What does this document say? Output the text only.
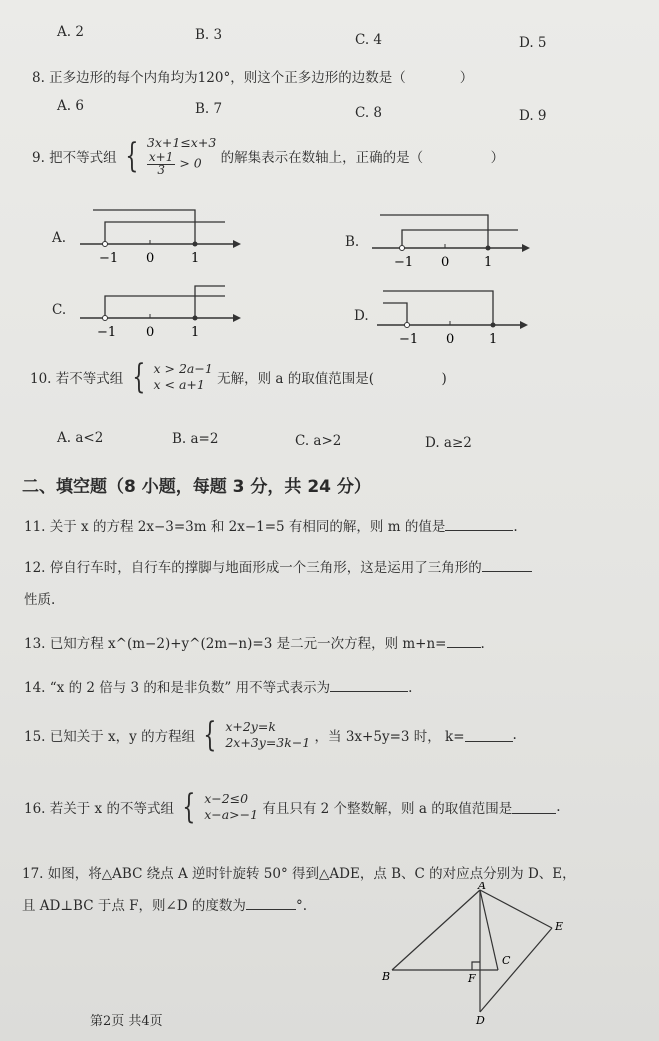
A. 2	B. 3	C. 4	D. 5
8. 正多边形的每个内角均为120°，则这个正多边形的边数是（　　　　）
A. 6	B. 7	C. 8	D. 9
9. 把不等式组 { 3x+1≤x+3
$\frac{x+1}{3} > 0$ 的解集表示在数轴上，正确的是（　　　　　）
A.
−1 0	1
B.
−1 0	1
C.
−1 0	1
D.
−1 0	1
10. 若不等式组 { x > 2a−1
x < a+1 无解，则 a 的取值范围是(　　　　　)
A. a<2	B. a=2	C. a>2	D. a≥2
二、填空题（8 小题，每题 3 分，共 24 分）
11. 关于 x 的方程 2x−3=3m 和 2x−1=5 有相同的解，则 m 的值是	.
12. 停自行车时，自行车的撑脚与地面形成一个三角形，这是运用了三角形的
性质.
13. 已知方程 x^(m−2)+y^(2m−n)=3 是二元一次方程，则 m+n=	.
14. “x 的 2 倍与 3 的和是非负数” 用不等式表示为	.
15. 已知关于 x，y 的方程组 { x+2y=k
2x+3y=3k−1 ，当 3x+5y=3 时， k=	.
16. 若关于 x 的不等式组 { x−2≤0
x−a>−1 有且只有 2 个整数解，则 a 的取值范围是	.
17. 如图，将△ABC 绕点 A 逆时针旋转 50° 得到△ADE，点 B、C 的对应点分别为 D、E，
且 AD⊥BC 于点 F，则∠D 的度数为	°.
A
B
C
D
E
F
第2页 共4页
